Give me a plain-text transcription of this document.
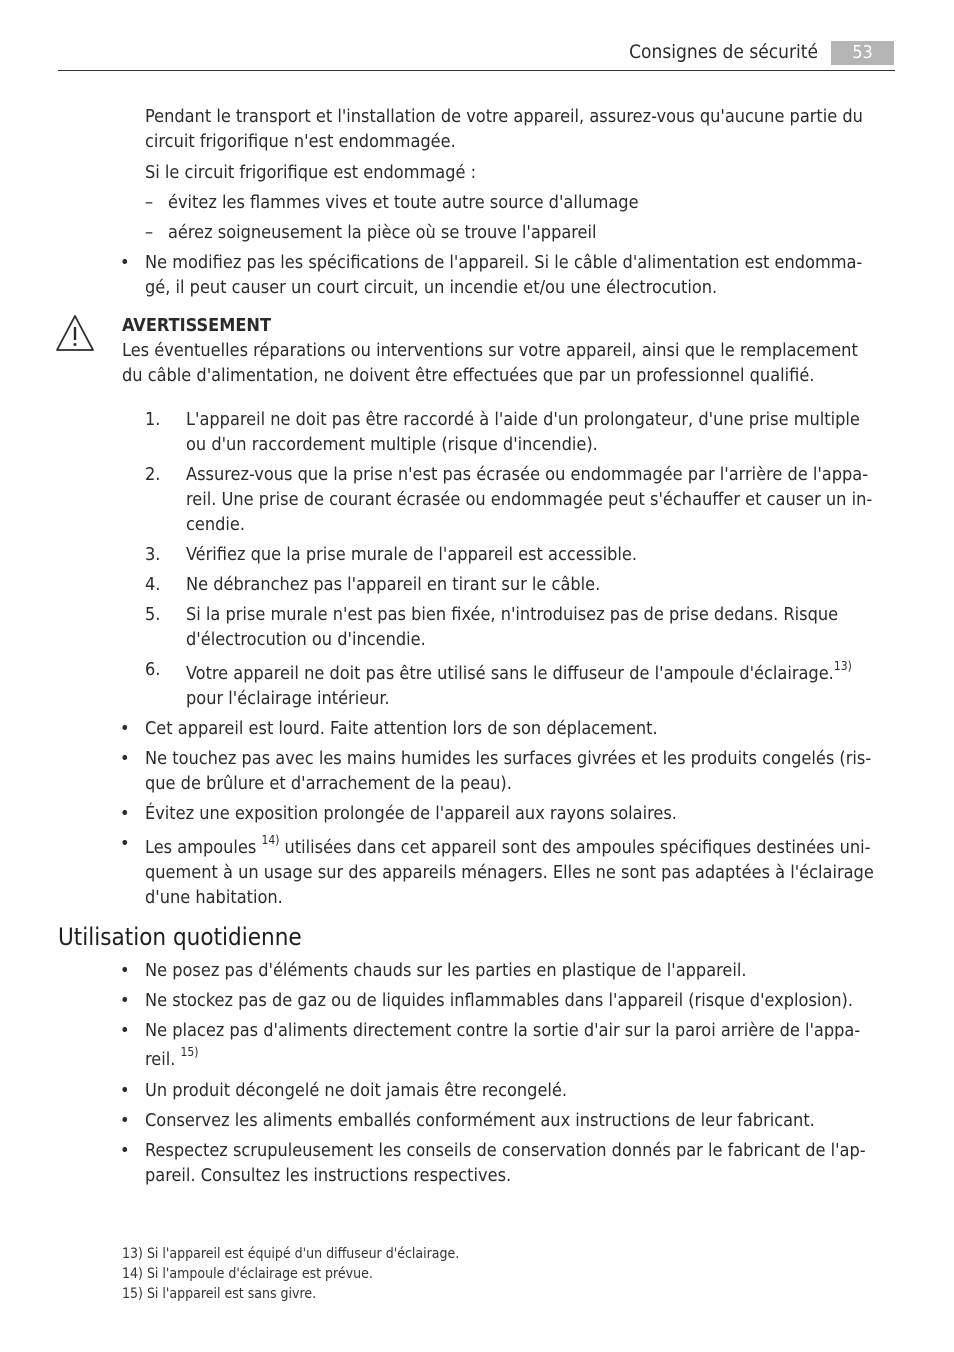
Consignes de sécurité	53
Pendant le transport et l'installation de votre appareil, assurez-vous qu'aucune partie du
circuit frigorifique n'est endommagée.
Si le circuit frigorifique est endommagé :
– évitez les flammes vives et toute autre source d'allumage
– aérez soigneusement la pièce où se trouve l'appareil
• Ne modifiez pas les spécifications de l'appareil. Si le câble d'alimentation est endomma-
gé, il peut causer un court circuit, un incendie et/ou une électrocution.
AVERTISSEMENT
Les éventuelles réparations ou interventions sur votre appareil, ainsi que le remplacement
du câble d'alimentation, ne doivent être effectuées que par un professionnel qualifié.
1. L'appareil ne doit pas être raccordé à l'aide d'un prolongateur, d'une prise multiple
ou d'un raccordement multiple (risque d'incendie).
2. Assurez-vous que la prise n'est pas écrasée ou endommagée par l'arrière de l'appa-
reil. Une prise de courant écrasée ou endommagée peut s'échauffer et causer un in-
cendie.
3. Vérifiez que la prise murale de l'appareil est accessible.
4. Ne débranchez pas l'appareil en tirant sur le câble.
5. Si la prise murale n'est pas bien fixée, n'introduisez pas de prise dedans. Risque
d'électrocution ou d'incendie.
6. Votre appareil ne doit pas être utilisé sans le diffuseur de l'ampoule d'éclairage.$^{13)}$
pour l'éclairage intérieur.
• Cet appareil est lourd. Faite attention lors de son déplacement.
• Ne touchez pas avec les mains humides les surfaces givrées et les produits congelés (ris-
que de brûlure et d'arrachement de la peau).
• Évitez une exposition prolongée de l'appareil aux rayons solaires.
• Les ampoules $^{14)}$ utilisées dans cet appareil sont des ampoules spécifiques destinées uni-
quement à un usage sur des appareils ménagers. Elles ne sont pas adaptées à l'éclairage
d'une habitation.
Utilisation quotidienne
• Ne posez pas d'éléments chauds sur les parties en plastique de l'appareil.
• Ne stockez pas de gaz ou de liquides inflammables dans l'appareil (risque d'explosion).
• Ne placez pas d'aliments directement contre la sortie d'air sur la paroi arrière de l'appa-
reil. $^{15)}$
• Un produit décongelé ne doit jamais être recongelé.
• Conservez les aliments emballés conformément aux instructions de leur fabricant.
• Respectez scrupuleusement les conseils de conservation donnés par le fabricant de l'ap-
pareil. Consultez les instructions respectives.
13) Si l'appareil est équipé d'un diffuseur d'éclairage.
14) Si l'ampoule d'éclairage est prévue.
15) Si l'appareil est sans givre.
